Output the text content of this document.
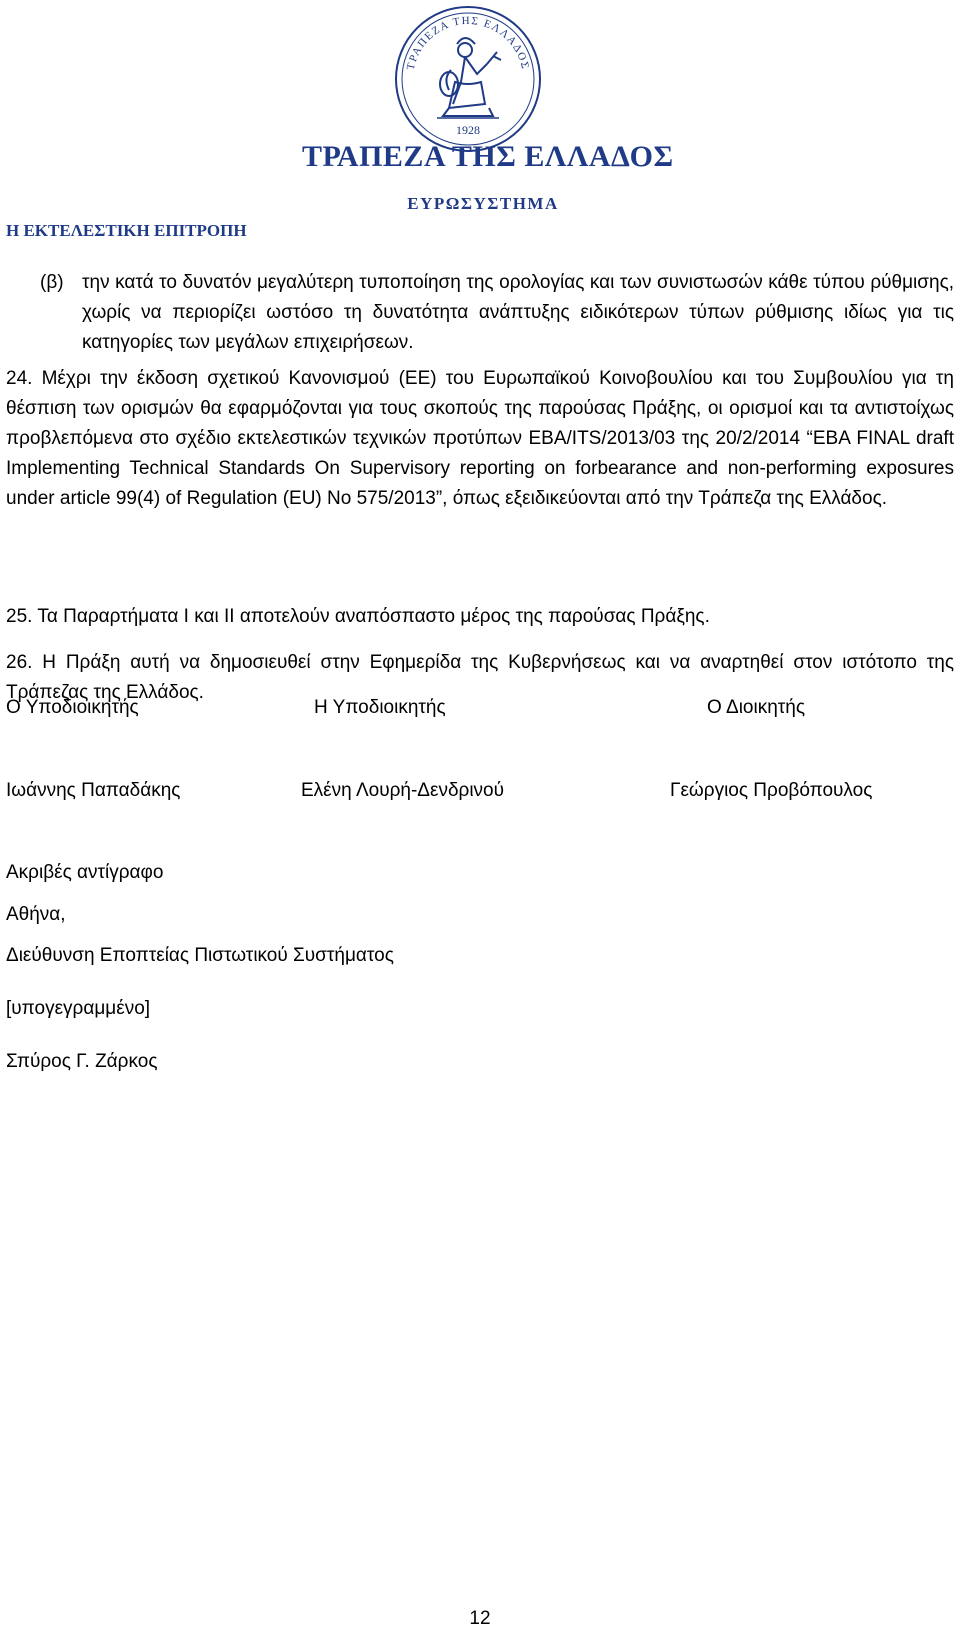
ΤΡΑΠΕΖΑ ΤΗΣ ΕΛΛΑΔΟΣ
1928
ΤΡΑΠΕΖΑ ΤΗΣ ΕΛΛΑΔΟΣ
ΕΥΡΩΣΥΣΤΗΜΑ
Η ΕΚΤΕΛΕΣΤΙΚΗ ΕΠΙΤΡΟΠΗ
(β) την κατά το δυνατόν μεγαλύτερη τυποποίηση της ορολογίας και των συνιστωσών κάθε τύπου ρύθμισης, χωρίς να περιορίζει ωστόσο τη δυνατότητα ανάπτυξης ειδικότερων τύπων ρύθμισης ιδίως για τις κατηγορίες των μεγάλων επιχειρήσεων.
24. Μέχρι την έκδοση σχετικού Κανονισμού (ΕΕ) του Ευρωπαϊκού Κοινοβουλίου και του Συμβουλίου για τη θέσπιση των ορισμών θα εφαρμόζονται για τους σκοπούς της παρούσας Πράξης, οι ορισμοί και τα αντιστοίχως προβλεπόμενα στο σχέδιο εκτελεστικών τεχνικών προτύπων EBA/ITS/2013/03 της 20/2/2014 “EBA FINAL draft Implementing Technical Standards On Supervisory reporting on forbearance and non-performing exposures under article 99(4) of Regulation (EU) No 575/2013”, όπως εξειδικεύονται από την Τράπεζα της Ελλάδος.
25. Τα Παραρτήματα Ι και ΙΙ αποτελούν αναπόσπαστο μέρος της παρούσας Πράξης.
26. Η Πράξη αυτή να δημοσιευθεί στην Εφημερίδα της Κυβερνήσεως και να αναρτηθεί στον ιστότοπο της Τράπεζας της Ελλάδος.
Ο Υποδιοικητής	Η Υποδιοικητής	Ο Διοικητής
Ιωάννης Παπαδάκης	Ελένη Λουρή-Δενδρινού	Γεώργιος Προβόπουλος
Ακριβές αντίγραφο
Αθήνα,
Διεύθυνση Εποπτείας Πιστωτικού Συστήματος
[υπογεγραμμένο]
Σπύρος Γ. Ζάρκος
12
